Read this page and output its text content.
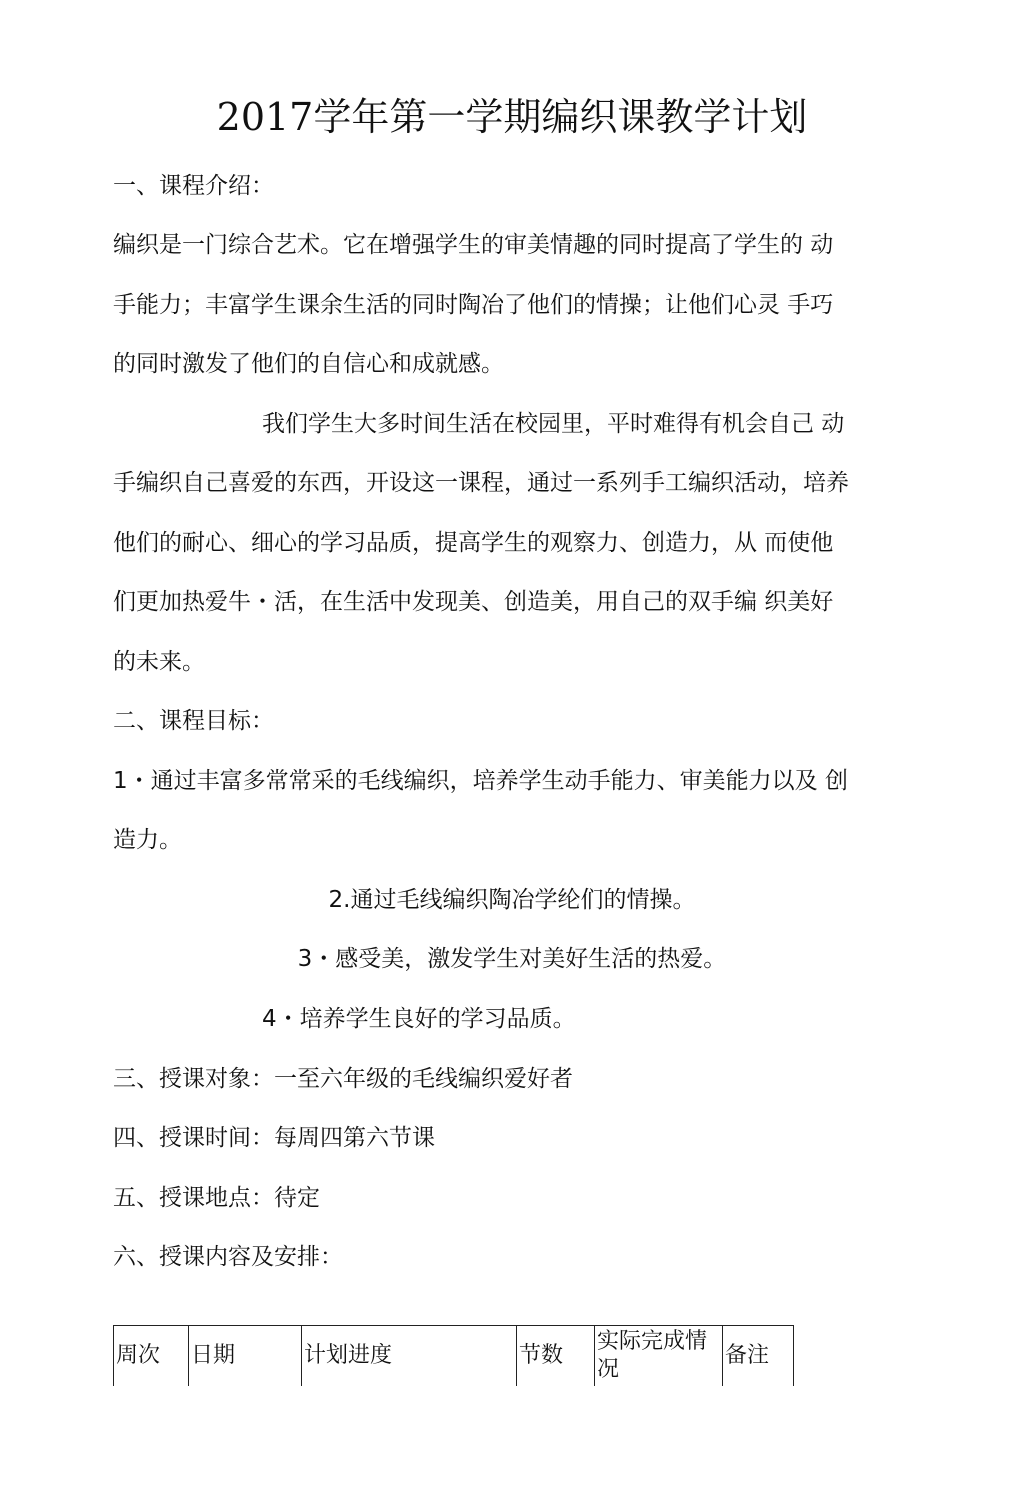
2017学年第一学期编织课教学计划
一、课程介绍：
编织是一门综合艺术。它在增强学生的审美情趣的同时提高了学生的 动
手能力；丰富学生课余生活的同时陶冶了他们的情操；让他们心灵 手巧
的同时激发了他们的自信心和成就感。
我们学生大多时间生活在校园里，平时难得有机会自己 动
手编织自己喜爱的东西，开设这一课程，通过一系列手工编织活动，培养
他们的耐心、细心的学习品质，提高学生的观察力、创造力，从 而使他
们更加热爱牛・活，在生活中发现美、创造美，用自己的双手编 织美好
的未来。
二、课程目标：
1・通过丰富多常常采的毛线编织，培养学生动手能力、审美能力以及 创
造力。
2.通过毛线编织陶冶学纶们的情操。
3・感受美，激发学生对美好生活的热爱。
4・培养学生良好的学习品质。
三、授课对象：一至六年级的毛线编织爱好者
四、授课时间：每周四第六节课
五、授课地点：待定
六、授课内容及安排：
周次	日期	计划进度	节数	实际完成情况	备注
